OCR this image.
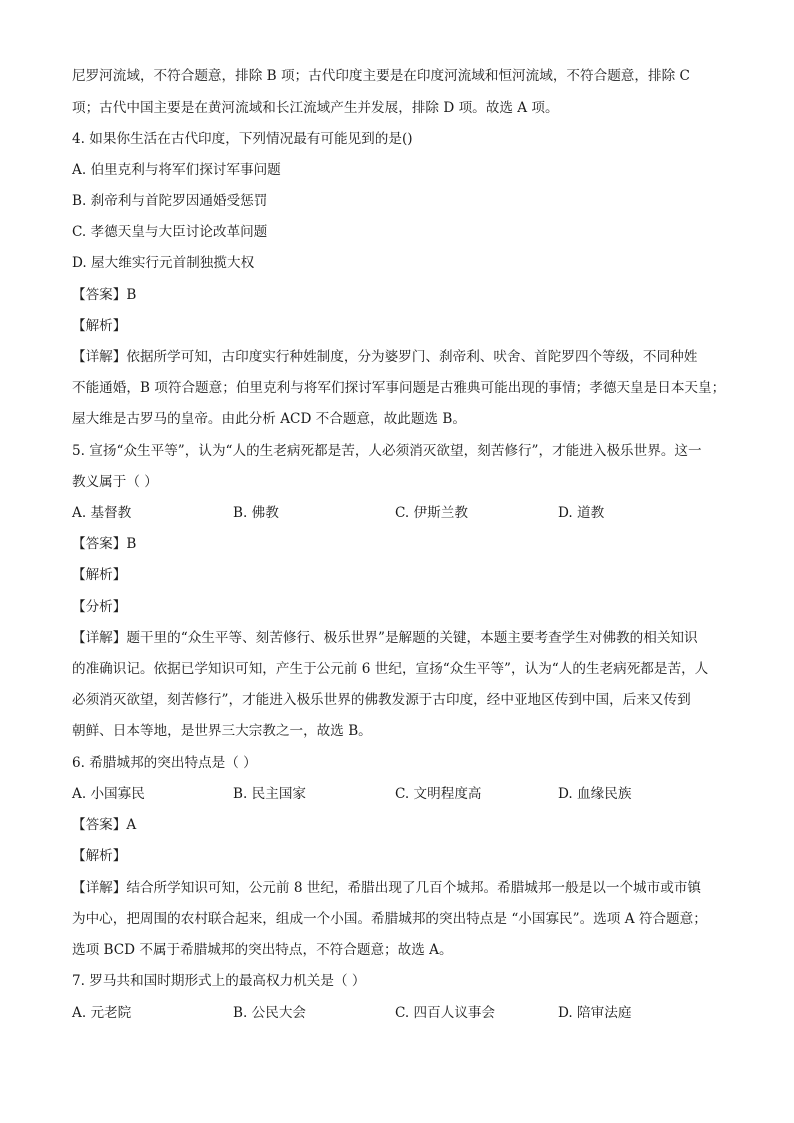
尼罗河流域，不符合题意，排除 B 项；古代印度主要是在印度河流域和恒河流域，不符合题意，排除 C
项；古代中国主要是在黄河流域和长江流域产生并发展，排除 D 项。故选 A 项。
4. 如果你生活在古代印度，下列情况最有可能见到的是()
A. 伯里克利与将军们探讨军事问题
B. 刹帝利与首陀罗因通婚受惩罚
C. 孝德天皇与大臣讨论改革问题
D. 屋大维实行元首制独揽大权
【答案】B
【解析】
【详解】依据所学可知，古印度实行种姓制度，分为婆罗门、刹帝利、吠舍、首陀罗四个等级，不同种姓
不能通婚，B 项符合题意；伯里克利与将军们探讨军事问题是古雅典可能出现的事情；孝德天皇是日本天皇；
屋大维是古罗马的皇帝。由此分析 ACD 不合题意，故此题选 B。
5. 宣扬“众生平等”，认为“人的生老病死都是苦，人必须消灭欲望，刻苦修行”，才能进入极乐世界。这一
教义属于（ ）
A. 基督教	B. 佛教	C. 伊斯兰教	D. 道教
【答案】B
【解析】
【分析】
【详解】题干里的“众生平等、刻苦修行、极乐世界”是解题的关键，本题主要考查学生对佛教的相关知识
的准确识记。依据已学知识可知，产生于公元前 6 世纪，宣扬“众生平等”，认为“人的生老病死都是苦，人
必须消灭欲望，刻苦修行”，才能进入极乐世界的佛教发源于古印度，经中亚地区传到中国，后来又传到
朝鲜、日本等地，是世界三大宗教之一，故选 B。
6. 希腊城邦的突出特点是（ ）
A. 小国寡民	B. 民主国家	C. 文明程度高	D. 血缘民族
【答案】A
【解析】
【详解】结合所学知识可知，公元前 8 世纪，希腊出现了几百个城邦。希腊城邦一般是以一个城市或市镇
为中心，把周围的农村联合起来，组成一个小国。希腊城邦的突出特点是 “小国寡民”。选项 A 符合题意；
选项 BCD 不属于希腊城邦的突出特点，不符合题意；故选 A。
7. 罗马共和国时期形式上的最高权力机关是（ ）
A. 元老院	B. 公民大会	C. 四百人议事会	D. 陪审法庭
